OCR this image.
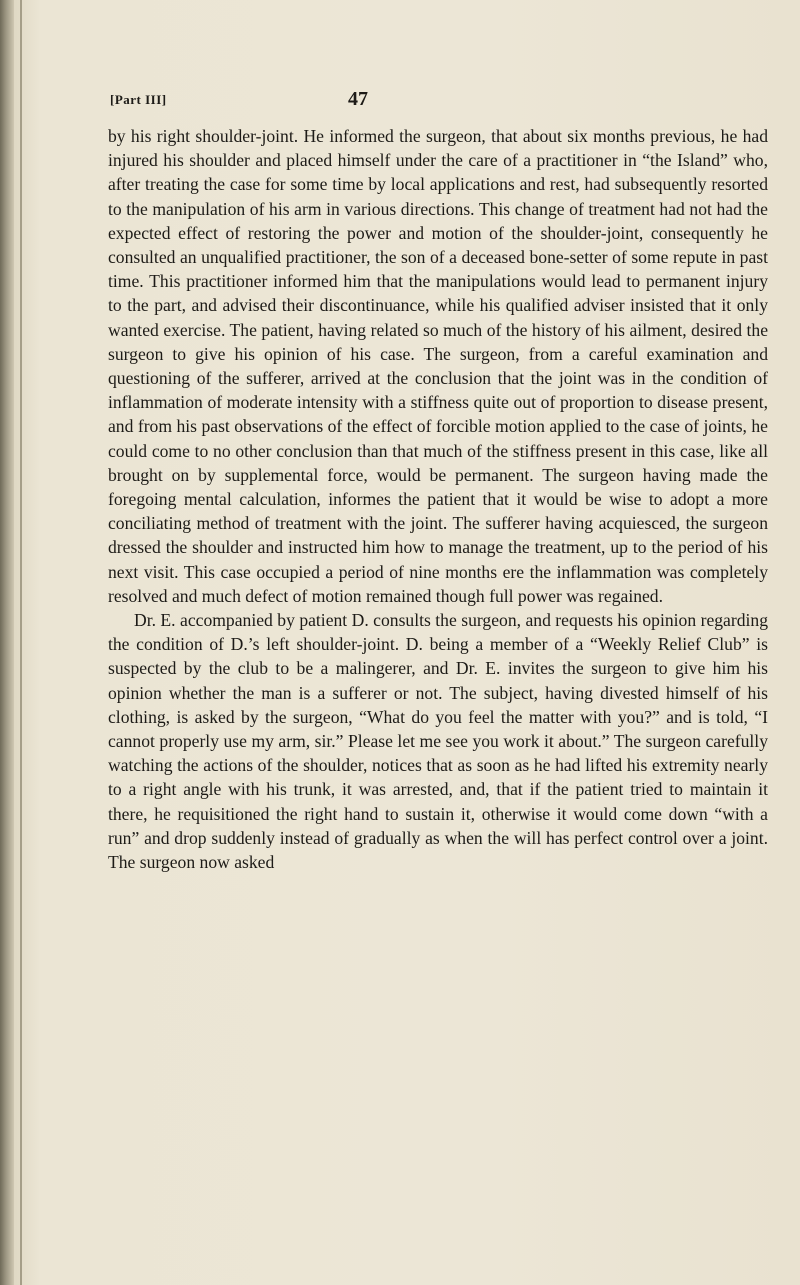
[Part III]	47

by his right shoulder-joint. He informed the surgeon, that about six months previous, he had injured his shoulder and placed himself under the care of a practitioner in “the Island” who, after treating the case for some time by local applications and rest, had subsequently resorted to the manipulation of his arm in various directions. This change of treatment had not had the expected effect of restoring the power and motion of the shoulder-joint, consequently he consulted an unqualified practitioner, the son of a deceased bone-setter of some repute in past time. This practitioner informed him that the manipulations would lead to permanent injury to the part, and advised their discontinuance, while his qualified adviser insisted that it only wanted exercise. The patient, having related so much of the history of his ailment, desired the surgeon to give his opinion of his case. The surgeon, from a careful examination and questioning of the sufferer, arrived at the conclusion that the joint was in the condition of inflammation of moderate intensity with a stiffness quite out of proportion to disease present, and from his past observations of the effect of forcible motion applied to the case of joints, he could come to no other conclusion than that much of the stiffness present in this case, like all brought on by supplemental force, would be permanent. The surgeon having made the foregoing mental calculation, informes the patient that it would be wise to adopt a more conciliating method of treatment with the joint. The sufferer having acquiesced, the surgeon dressed the shoulder and instructed him how to manage the treatment, up to the period of his next visit. This case occupied a period of nine months ere the inflammation was completely resolved and much defect of motion remained though full power was regained.

Dr. E. accompanied by patient D. consults the surgeon, and requests his opinion regarding the condition of D.’s left shoulder-joint. D. being a member of a “Weekly Relief Club” is suspected by the club to be a malingerer, and Dr. E. invites the surgeon to give him his opinion whether the man is a sufferer or not. The subject, having divested himself of his clothing, is asked by the surgeon, “What do you feel the matter with you?” and is told, “I cannot properly use my arm, sir.” Please let me see you work it about.” The surgeon carefully watching the actions of the shoulder, notices that as soon as he had lifted his extremity nearly to a right angle with his trunk, it was arrested, and, that if the patient tried to maintain it there, he requisitioned the right hand to sustain it, otherwise it would come down “with a run” and drop suddenly instead of gradually as when the will has perfect control over a joint. The surgeon now asked
